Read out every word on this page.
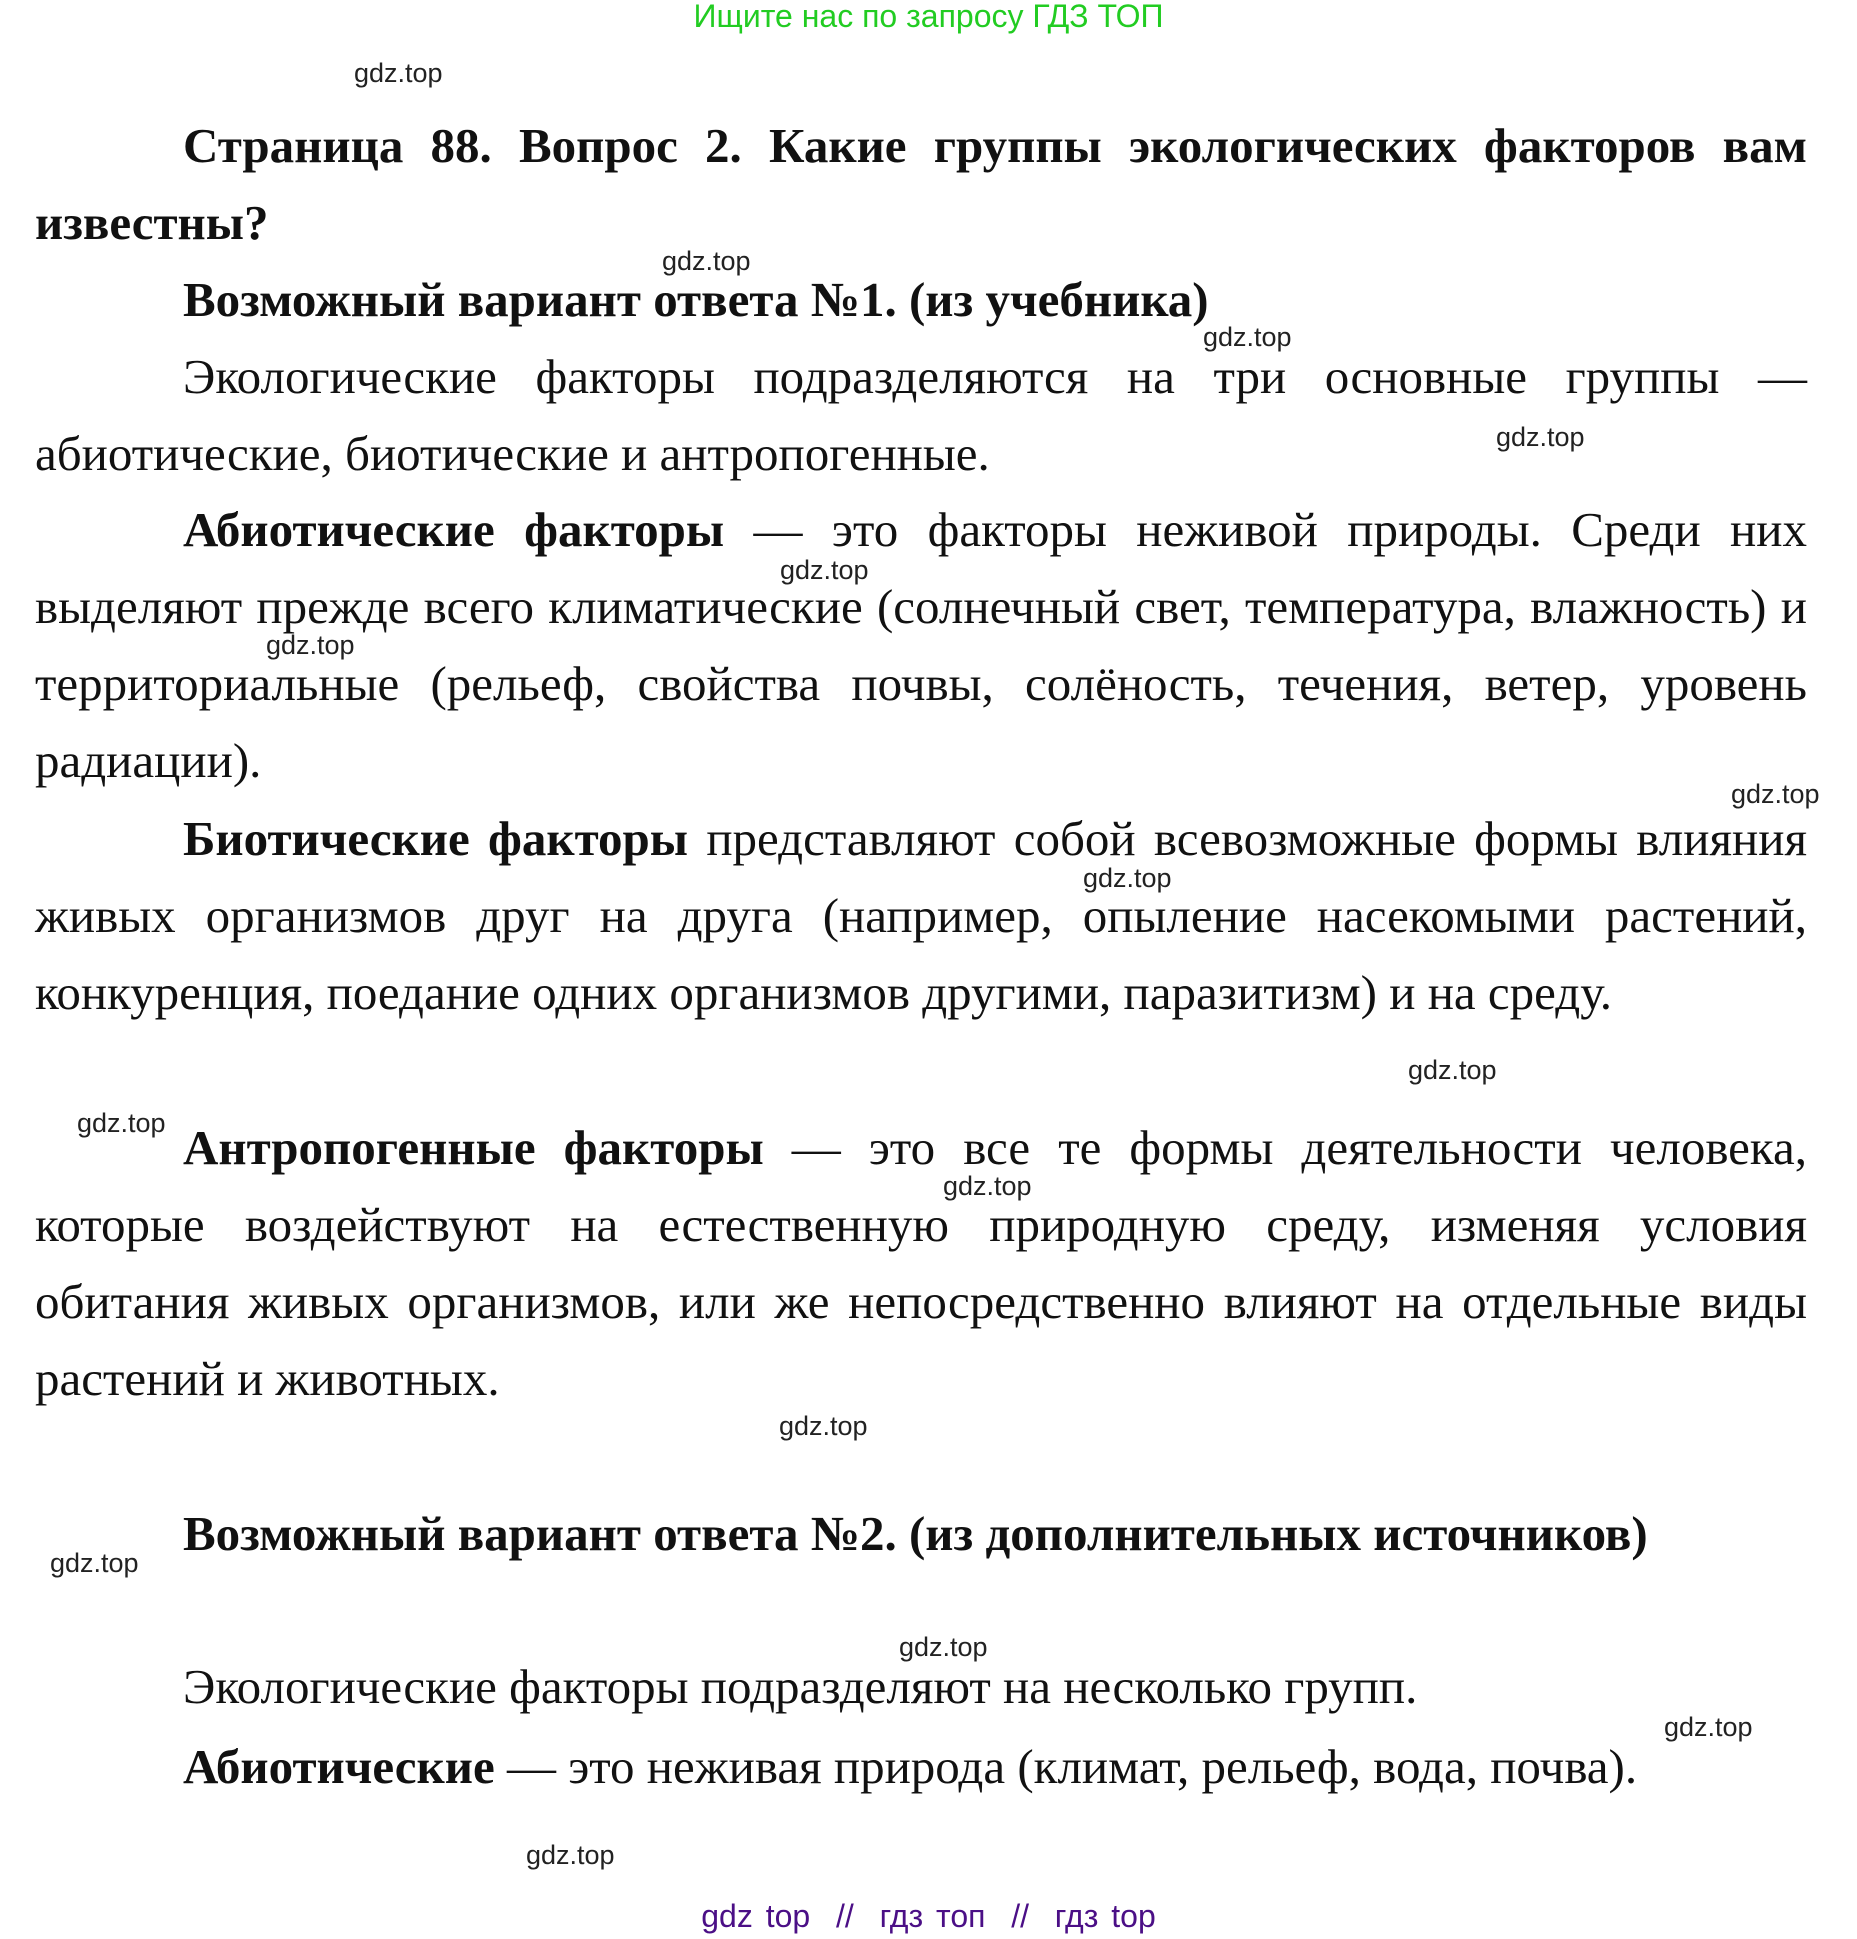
Ищите нас по запросу ГДЗ ТОП

Страница 88. Вопрос 2. Какие группы экологических факторов вам известны?

Возможный вариант ответа №1. (из учебника)

Экологические факторы подразделяются на три основные группы — абиотические, биотические и антропогенные.

Абиотические факторы — это факторы неживой природы. Среди них выделяют прежде всего климатические (солнечный свет, температура, влажность) и территориальные (рельеф, свойства почвы, солёность, течения, ветер, уровень радиации).

Биотические факторы представляют собой всевозможные формы влияния живых организмов друг на друга (например, опыление насекомыми растений, конкуренция, поедание одних организмов другими, паразитизм) и на среду.

Антропогенные факторы — это все те формы деятельности человека, которые воздействуют на естественную природную среду, изменяя условия обитания живых организмов, или же непосредственно влияют на отдельные виды растений и животных.

Возможный вариант ответа №2. (из дополнительных источников)

Экологические факторы подразделяют на несколько групп.

Абиотические — это неживая природа (климат, рельеф, вода, почва).

gdz.top
gdz.top
gdz.top
gdz.top
gdz.top
gdz.top
gdz.top
gdz.top
gdz.top
gdz.top
gdz.top
gdz.top
gdz.top
gdz.top
gdz.top
gdz.top
gdz top  //  гдз топ  //  гдз top
